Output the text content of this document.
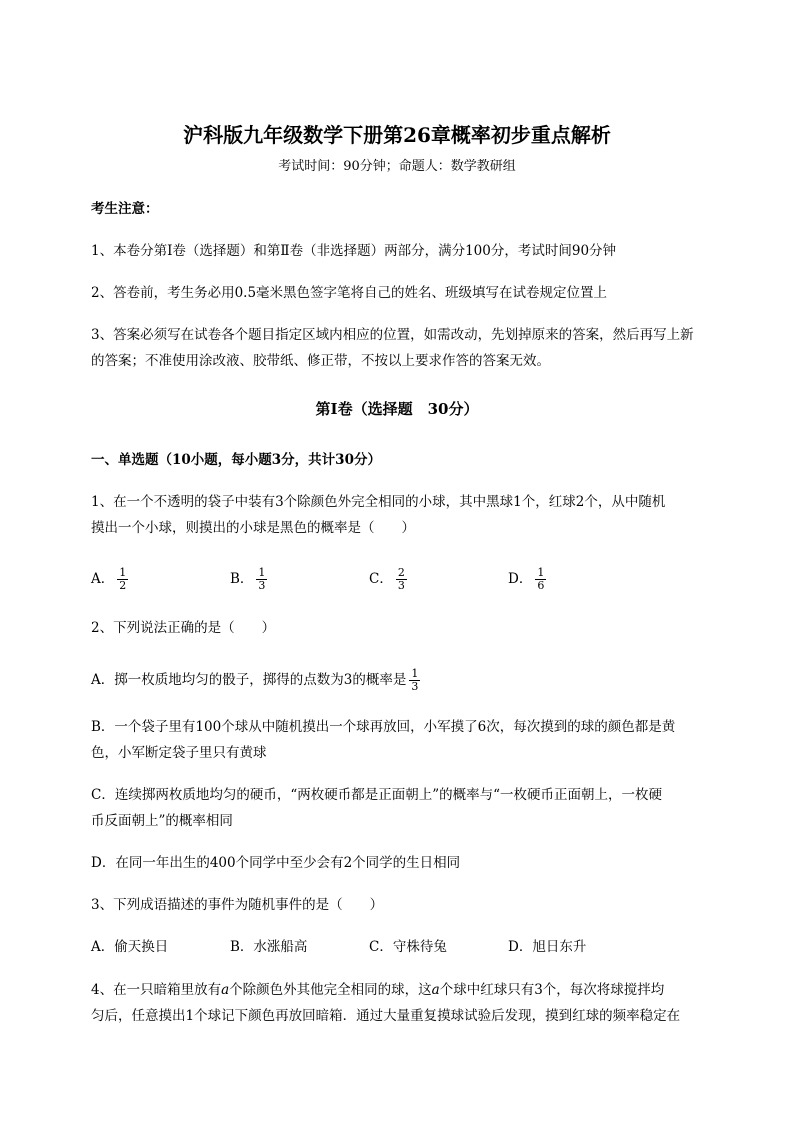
沪科版九年级数学下册第26章概率初步重点解析
考试时间：90分钟；命题人：数学教研组
考生注意：
1、本卷分第I卷（选择题）和第Ⅱ卷（非选择题）两部分，满分100分，考试时间90分钟
2、答卷前，考生务必用0.5毫米黑色签字笔将自己的姓名、班级填写在试卷规定位置上
3、答案必须写在试卷各个题目指定区域内相应的位置，如需改动，先划掉原来的答案，然后再写上新
的答案；不准使用涂改液、胶带纸、修正带，不按以上要求作答的答案无效。
第I卷（选择题　30分）
一、单选题（10小题，每小题3分，共计30分）
1、在一个不透明的袋子中装有3个除颜色外完全相同的小球，其中黑球1个，红球2个，从中随机
摸出一个小球，则摸出的小球是黑色的概率是（　　）
A． $\frac{1}{2}$	B． $\frac{1}{3}$	C． $\frac{2}{3}$	D． $\frac{1}{6}$
2、下列说法正确的是（　　）
A．掷一枚质地均匀的骰子，掷得的点数为3的概率是 $\frac{1}{3}$
B．一个袋子里有100个球从中随机摸出一个球再放回，小军摸了6次，每次摸到的球的颜色都是黄
色，小军断定袋子里只有黄球
C．连续掷两枚质地均匀的硬币，“两枚硬币都是正面朝上”的概率与“一枚硬币正面朝上，一枚硬
币反面朝上”的概率相同
D．在同一年出生的400个同学中至少会有2个同学的生日相同
3、下列成语描述的事件为随机事件的是（　　）
A．偷天换日	B．水涨船高	C．守株待兔	D．旭日东升
4、在一只暗箱里放有a个除颜色外其他完全相同的球，这a个球中红球只有3个，每次将球搅拌均
匀后，任意摸出1个球记下颜色再放回暗箱．通过大量重复摸球试验后发现，摸到红球的频率稳定在
